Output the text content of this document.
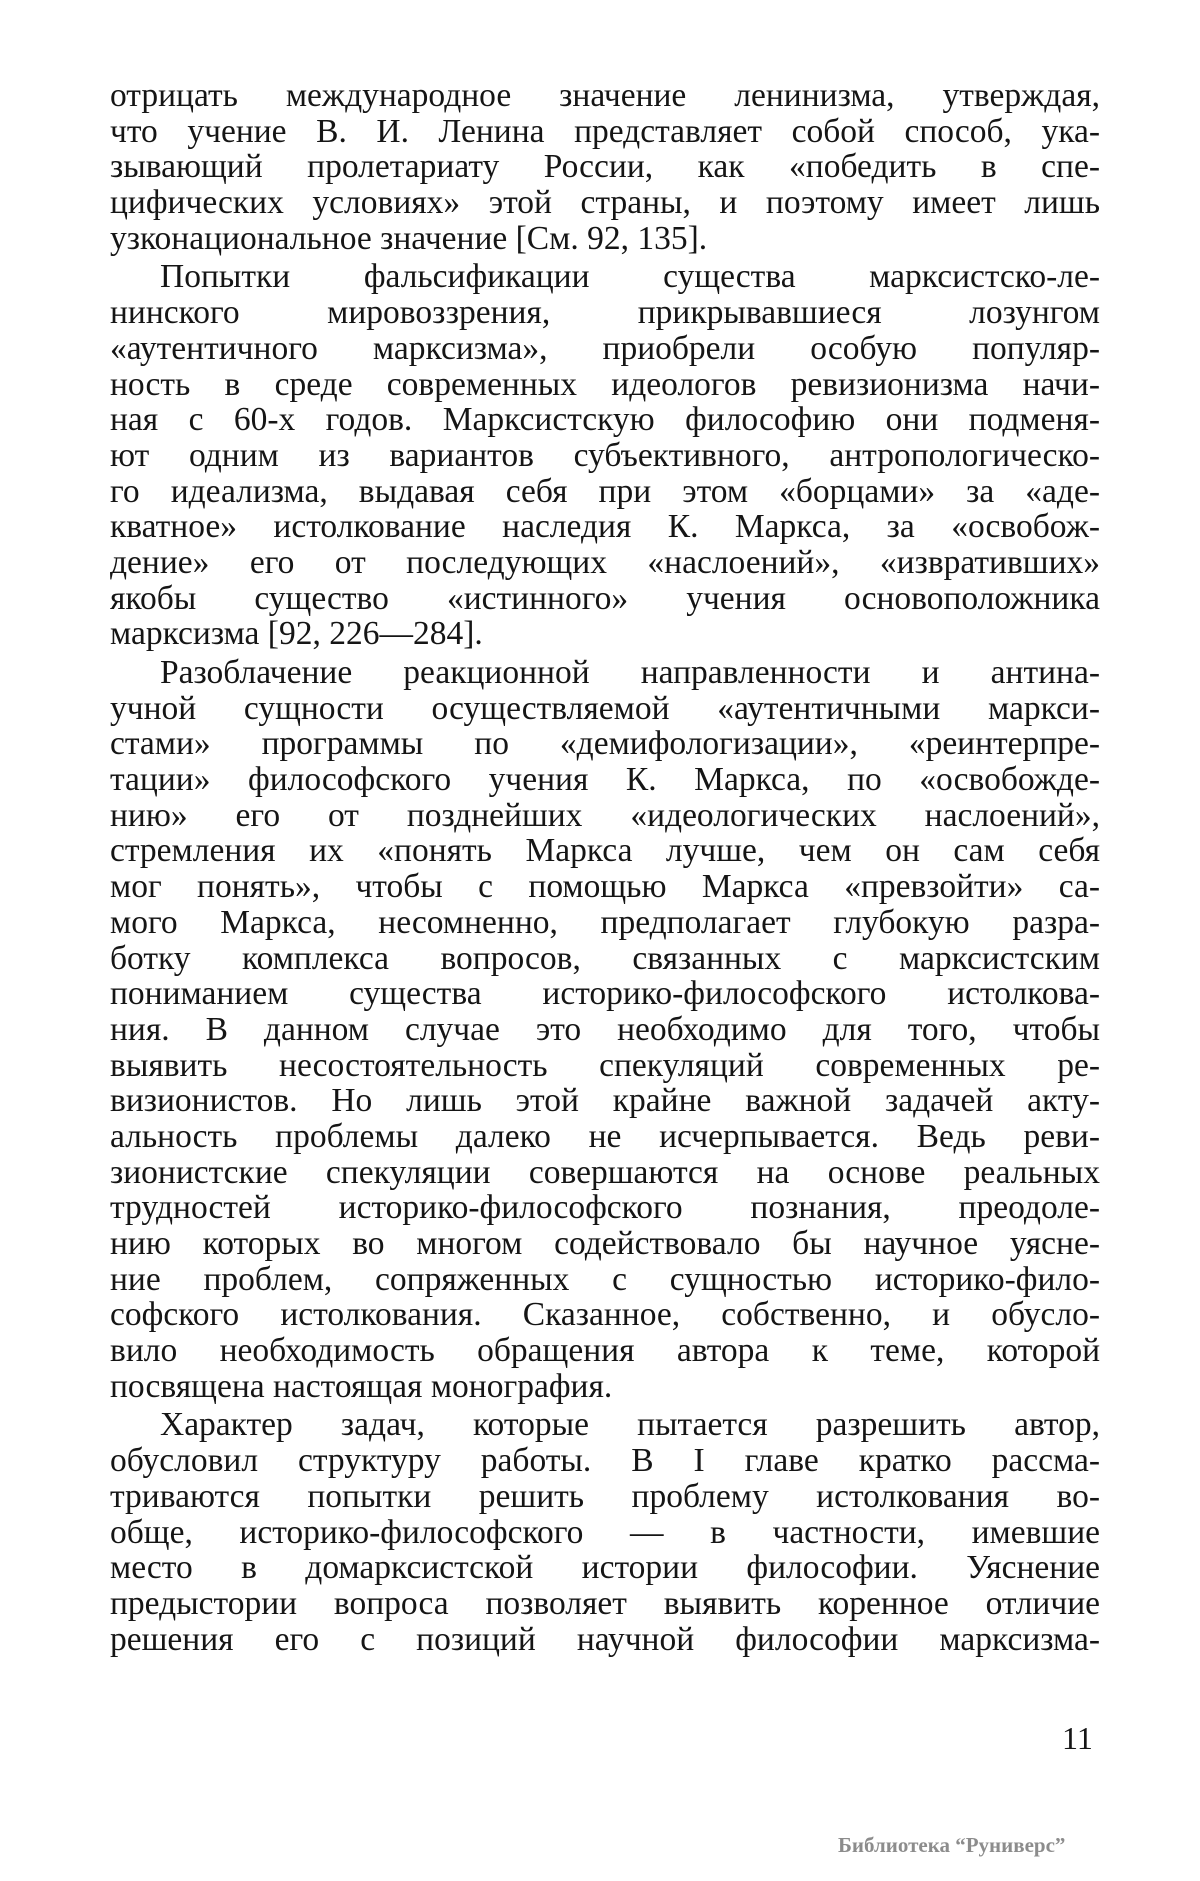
отрицать международное значение ленинизма, утверждая,
что учение В. И. Ленина представляет собой способ, ука-
зывающий пролетариату России, как «победить в спе-
цифических условиях» этой страны, и поэтому имеет лишь
узконациональное значение [См. 92, 135].
Попытки фальсификации существа марксистско-ле-
нинского мировоззрения, прикрывавшиеся лозунгом
«аутентичного марксизма», приобрели особую популяр-
ность в среде современных идеологов ревизионизма начи-
ная с 60-х годов. Марксистскую философию они подменя-
ют одним из вариантов субъективного, антропологическо-
го идеализма, выдавая себя при этом «борцами» за «аде-
кватное» истолкование наследия К. Маркса, за «освобож-
дение» его от последующих «наслоений», «извративших»
якобы существо «истинного» учения основоположника
марксизма [92, 226—284].
Разоблачение реакционной направленности и антина-
учной сущности осуществляемой «аутентичными маркси-
стами» программы по «демифологизации», «реинтерпре-
тации» философского учения К. Маркса, по «освобожде-
нию» его от позднейших «идеологических наслоений»,
стремления их «понять Маркса лучше, чем он сам себя
мог понять», чтобы с помощью Маркса «превзойти» са-
мого Маркса, несомненно, предполагает глубокую разра-
ботку комплекса вопросов, связанных с марксистским
пониманием существа историко-философского истолкова-
ния. В данном случае это необходимо для того, чтобы
выявить несостоятельность спекуляций современных ре-
визионистов. Но лишь этой крайне важной задачей акту-
альность проблемы далеко не исчерпывается. Ведь реви-
зионистские спекуляции совершаются на основе реальных
трудностей историко-философского познания, преодоле-
нию которых во многом содействовало бы научное уясне-
ние проблем, сопряженных с сущностью историко-фило-
софского истолкования. Сказанное, собственно, и обусло-
вило необходимость обращения автора к теме, которой
посвящена настоящая монография.
Характер задач, которые пытается разрешить автор,
обусловил структуру работы. В I главе кратко рассма-
триваются попытки решить проблему истолкования во-
обще, историко-философского — в частности, имевшие
место в домарксистской истории философии. Уяснение
предыстории вопроса позволяет выявить коренное отличие
решения его с позиций научной философии марксизма-
11
Библиотека “Руниверс”
